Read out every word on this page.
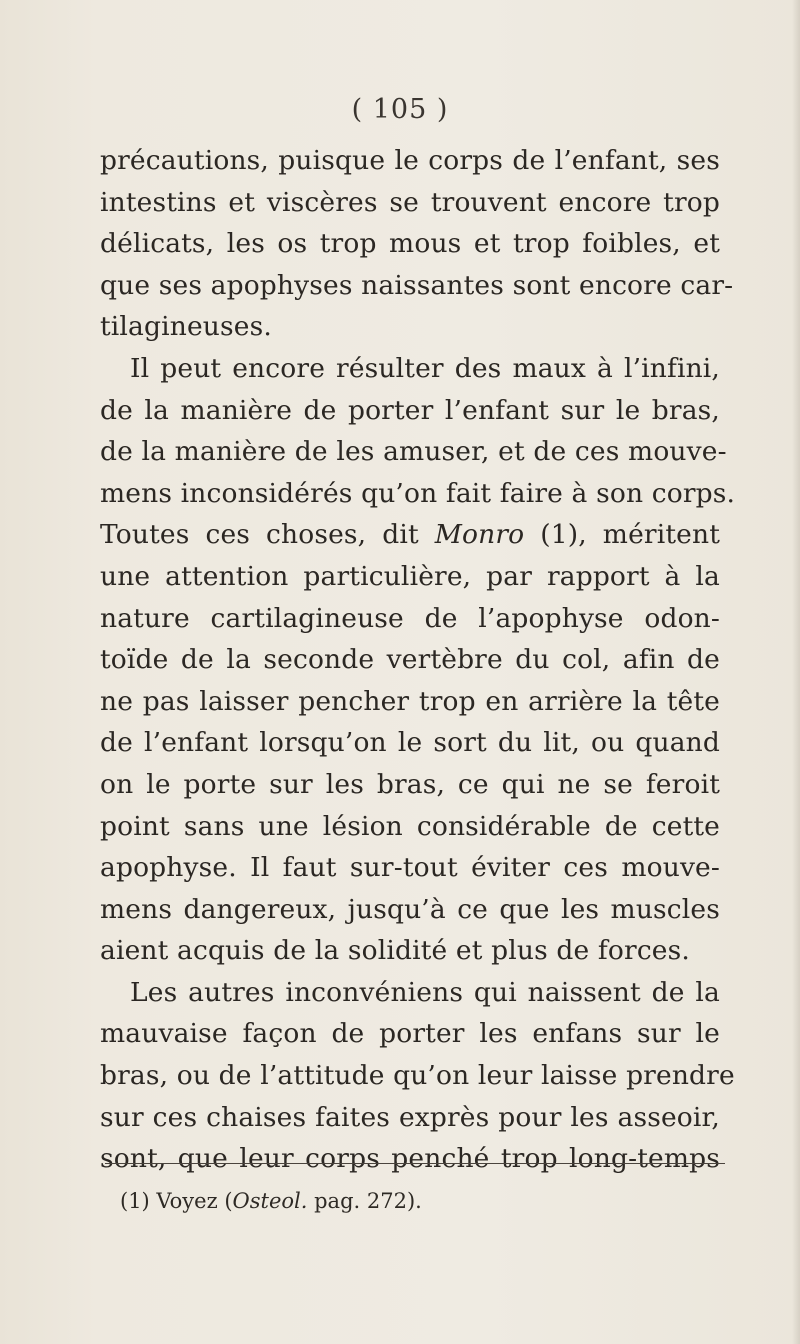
( 105 )
précautions, puisque le corps de l’enfant, ses
intestins et viscères se trouvent encore trop
délicats, les os trop mous et trop foibles, et
que ses apophyses naissantes sont encore car-
tilagineuses.
Il peut encore résulter des maux à l’infini,
de la manière de porter l’enfant sur le bras,
de la manière de les amuser, et de ces mouve-
mens inconsidérés qu’on fait faire à son corps.
Toutes ces choses, dit Monro (1), méritent
une attention particulière, par rapport à la
nature cartilagineuse de l’apophyse odon-
toïde de la seconde vertèbre du col, afin de
ne pas laisser pencher trop en arrière la tête
de l’enfant lorsqu’on le sort du lit, ou quand
on le porte sur les bras, ce qui ne se feroit
point sans une lésion considérable de cette
apophyse. Il faut sur-tout éviter ces mouve-
mens dangereux, jusqu’à ce que les muscles
aient acquis de la solidité et plus de forces.
Les autres inconvéniens qui naissent de la
mauvaise façon de porter les enfans sur le
bras, ou de l’attitude qu’on leur laisse prendre
sur ces chaises faites exprès pour les asseoir,
sont, que leur corps penché trop long-temps
(1) Voyez (Osteol. pag. 272).
